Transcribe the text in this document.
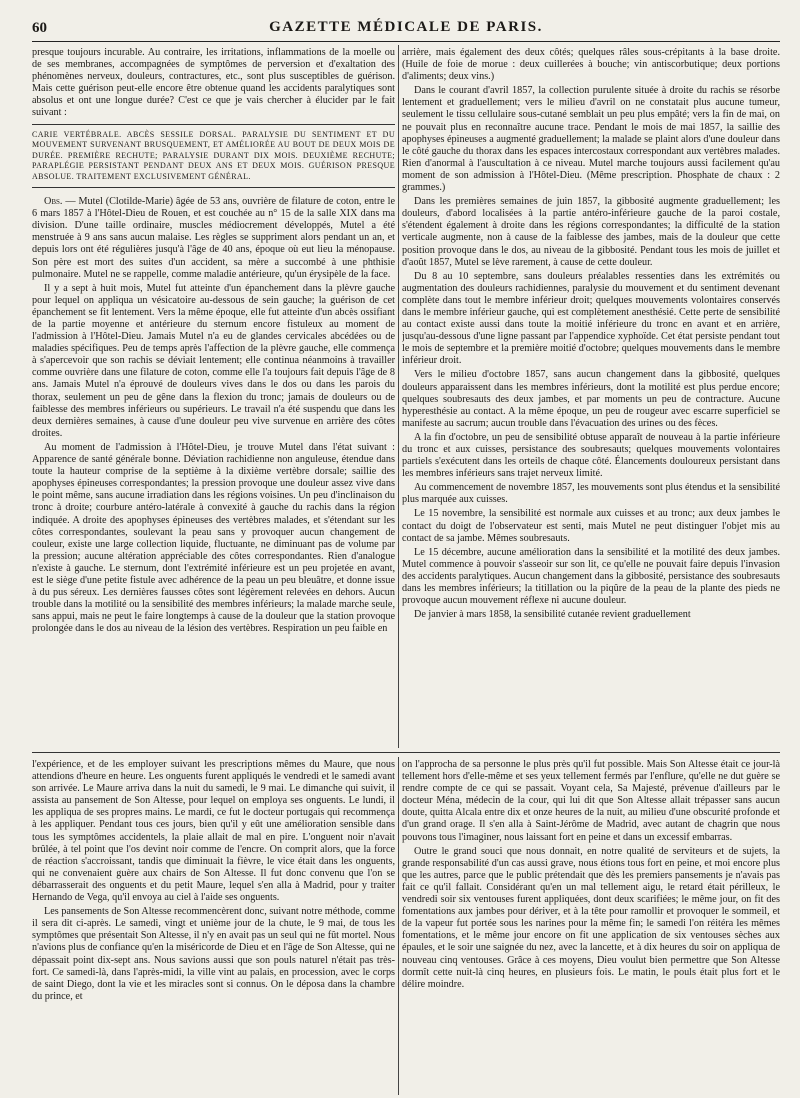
60	GAZETTE MÉDICALE DE PARIS.

presque toujours incurable. Au contraire, les irritations, inflammations de la moelle ou de ses membranes, accompagnées de symptômes de perversion et d'exaltation des phénomènes nerveux, douleurs, contractures, etc., sont plus susceptibles de guérison. Mais cette guérison peut-elle encore être obtenue quand les accidents paralytiques sont absolus et ont une longue durée? C'est ce que je vais chercher à élucider par le fait suivant :

CARIE VERTÉBRALE. ABCÈS SESSILE DORSAL. PARALYSIE DU SENTIMENT ET DU MOUVEMENT SURVENANT BRUSQUEMENT, ET AMÉLIORÉE AU BOUT DE DEUX MOIS DE DURÉE. PREMIÈRE RECHUTE; PARALYSIE DURANT DIX MOIS. DEUXIÈME RECHUTE; PARAPLÉGIE PERSISTANT PENDANT DEUX ANS ET DEUX MOIS. GUÉRISON PRESQUE ABSOLUE. TRAITEMENT EXCLUSIVEMENT GÉNÉRAL.

Obs. — Mutel (Clotilde-Marie) âgée de 53 ans, ouvrière de filature de coton, entre le 6 mars 1857 à l'Hôtel-Dieu de Rouen, et est couchée au n° 15 de la salle XIX dans ma division. D'une taille ordinaire, muscles médiocrement développés, Mutel a été menstruée à 9 ans sans aucun malaise. Les règles se suppriment alors pendant un an, et depuis lors ont été régulières jusqu'à l'âge de 40 ans, époque où eut lieu la ménopause. Son père est mort des suites d'un accident, sa mère a succombé à une phthisie pulmonaire. Mutel ne se rappelle, comme maladie antérieure, qu'un érysipèle de la face.

Il y a sept à huit mois, Mutel fut atteinte d'un épanchement dans la plèvre gauche pour lequel on appliqua un vésicatoire au-dessous de sein gauche; la guérison de cet épanchement se fit lentement. Vers la même époque, elle fut atteinte d'un abcès ossifiant de la partie moyenne et antérieure du sternum encore fistuleux au moment de l'admission à l'Hôtel-Dieu. Jamais Mutel n'a eu de glandes cervicales abcédées ou de maladies spécifiques. Peu de temps après l'affection de la plèvre gauche, elle commença à s'apercevoir que son rachis se déviait lentement; elle continua néanmoins à travailler comme ouvrière dans une filature de coton, comme elle l'a toujours fait depuis l'âge de 8 ans. Jamais Mutel n'a éprouvé de douleurs vives dans le dos ou dans les parois du thorax, seulement un peu de gêne dans la flexion du tronc; jamais de douleurs ou de faiblesse des membres inférieurs ou supérieurs. Le travail n'a été suspendu que dans les deux dernières semaines, à cause d'une douleur peu vive survenue en arrière des côtes droites.

Au moment de l'admission à l'Hôtel-Dieu, je trouve Mutel dans l'état suivant : Apparence de santé générale bonne. Déviation rachidienne non anguleuse, étendue dans toute la hauteur comprise de la septième à la dixième vertèbre dorsale; saillie des apophyses épineuses correspondantes; la pression provoque une douleur assez vive dans le point même, sans aucune irradiation dans les régions voisines. Un peu d'inclinaison du tronc à droite; courbure antéro-latérale à convexité à gauche du rachis dans la région indiquée. A droite des apophyses épineuses des vertèbres malades, et s'étendant sur les côtes correspondantes, soulevant la peau sans y provoquer aucun changement de couleur, existe une large collection liquide, fluctuante, ne diminuant pas de volume par la pression; aucune altération appréciable des côtes correspondantes. Rien d'analogue n'existe à gauche. Le sternum, dont l'extrémité inférieure est un peu projetée en avant, est le siège d'une petite fistule avec adhérence de la peau un peu bleuâtre, et donne issue à du pus séreux. Les dernières fausses côtes sont légèrement relevées en dehors. Aucun trouble dans la motilité ou la sensibilité des membres inférieurs; la malade marche seule, sans appui, mais ne peut le faire longtemps à cause de la douleur que la station provoque prolongée dans le dos au niveau de la lésion des vertèbres. Respiration un peu faible en

arrière, mais également des deux côtés; quelques râles sous-crépitants à la base droite. (Huile de foie de morue : deux cuillerées à bouche; vin antiscorbutique; deux portions d'aliments; deux vins.)

Dans le courant d'avril 1857, la collection purulente située à droite du rachis se résorbe lentement et graduellement; vers le milieu d'avril on ne constatait plus aucune tumeur, seulement le tissu cellulaire sous-cutané semblait un peu plus empâté; vers la fin de mai, on ne pouvait plus en reconnaître aucune trace. Pendant le mois de mai 1857, la saillie des apophyses épineuses a augmenté graduellement; la malade se plaint alors d'une douleur dans le côté gauche du thorax dans les espaces intercostaux correspondant aux vertèbres malades. Rien d'anormal à l'auscultation à ce niveau. Mutel marche toujours aussi facilement qu'au moment de son admission à l'Hôtel-Dieu. (Même prescription. Phosphate de chaux : 2 grammes.)

Dans les premières semaines de juin 1857, la gibbosité augmente graduellement; les douleurs, d'abord localisées à la partie antéro-inférieure gauche de la paroi costale, s'étendent également à droite dans les régions correspondantes; la difficulté de la station verticale augmente, non à cause de la faiblesse des jambes, mais de la douleur que cette position provoque dans le dos, au niveau de la gibbosité. Pendant tous les mois de juillet et d'août 1857, Mutel se lève rarement, à cause de cette douleur.

Du 8 au 10 septembre, sans douleurs préalables ressenties dans les extrémités ou augmentation des douleurs rachidiennes, paralysie du mouvement et du sentiment devenant complète dans tout le membre inférieur droit; quelques mouvements volontaires conservés dans le membre inférieur gauche, qui est complètement anesthésié. Cette perte de sensibilité au contact existe aussi dans toute la moitié inférieure du tronc en avant et en arrière, jusqu'au-dessous d'une ligne passant par l'appendice xyphoïde. Cet état persiste pendant tout le mois de septembre et la première moitié d'octobre; quelques mouvements dans le membre inférieur droit.

Vers le milieu d'octobre 1857, sans aucun changement dans la gibbosité, quelques douleurs apparaissent dans les membres inférieurs, dont la motilité est plus perdue encore; quelques soubresauts des deux jambes, et par moments un peu de contracture. Aucune hyperesthésie au contact. A la même époque, un peu de rougeur avec escarre superficiel se manifeste au sacrum; aucun trouble dans l'évacuation des urines ou des fèces.

A la fin d'octobre, un peu de sensibilité obtuse apparaît de nouveau à la partie inférieure du tronc et aux cuisses, persistance des soubresauts; quelques mouvements volontaires partiels s'exécutent dans les orteils de chaque côté. Élancements douloureux persistant dans les membres inférieurs sans trajet nerveux limité.

Au commencement de novembre 1857, les mouvements sont plus étendus et la sensibilité plus marquée aux cuisses.

Le 15 novembre, la sensibilité est normale aux cuisses et au tronc; aux deux jambes le contact du doigt de l'observateur est senti, mais Mutel ne peut distinguer l'objet mis au contact de sa jambe. Mêmes soubresauts.

Le 15 décembre, aucune amélioration dans la sensibilité et la motilité des deux jambes. Mutel commence à pouvoir s'asseoir sur son lit, ce qu'elle ne pouvait faire depuis l'invasion des accidents paralytiques. Aucun changement dans la gibbosité, persistance des soubresauts dans les membres inférieurs; la titillation ou la piqûre de la peau de la plante des pieds ne provoque aucun mouvement réflexe ni aucune douleur.

De janvier à mars 1858, la sensibilité cutanée revient graduellement

l'expérience, et de les employer suivant les prescriptions mêmes du Maure, que nous attendions d'heure en heure. Les onguents furent appliqués le vendredi et le samedi avant son arrivée. Le Maure arriva dans la nuit du samedi, le 9 mai. Le dimanche qui suivit, il assista au pansement de Son Altesse, pour lequel on employa ses onguents. Le lundi, il les appliqua de ses propres mains. Le mardi, ce fut le docteur portugais qui recommença à les appliquer. Pendant tous ces jours, bien qu'il y eût une amélioration sensible dans tous les symptômes accidentels, la plaie allait de mal en pire. L'onguent noir n'avait brûlée, à tel point que l'os devint noir comme de l'encre. On comprit alors, que la force de réaction s'accroissant, tandis que diminuait la fièvre, le vice était dans les onguents, qui ne convenaient guère aux chairs de Son Altesse. Il fut donc convenu que l'on se débarrasserait des onguents et du petit Maure, lequel s'en alla à Madrid, pour y traiter Hernando de Vega, qu'il envoya au ciel à l'aide ses onguents.

Les pansements de Son Altesse recommencèrent donc, suivant notre méthode, comme il sera dit ci-après. Le samedi, vingt et unième jour de la chute, le 9 mai, de tous les symptômes que présentait Son Altesse, il n'y en avait pas un seul qui ne fût mortel. Nous n'avions plus de confiance qu'en la miséricorde de Dieu et en l'âge de Son Altesse, qui ne dépassait point dix-sept ans. Nous savions aussi que son pouls naturel n'était pas très-fort. Ce samedi-là, dans l'après-midi, la ville vint au palais, en procession, avec le corps de saint Diego, dont la vie et les miracles sont si connus. On le déposa dans la chambre du prince, et

on l'approcha de sa personne le plus près qu'il fut possible. Mais Son Altesse était ce jour-là tellement hors d'elle-même et ses yeux tellement fermés par l'enflure, qu'elle ne dut guère se rendre compte de ce qui se passait. Voyant cela, Sa Majesté, prévenue d'ailleurs par le docteur Ména, médecin de la cour, qui lui dit que Son Altesse allait trépasser sans aucun doute, quitta Alcala entre dix et onze heures de la nuit, au milieu d'une obscurité profonde et d'un grand orage. Il s'en alla à Saint-Jérôme de Madrid, avec autant de chagrin que nous pouvons tous l'imaginer, nous laissant fort en peine et dans un excessif embarras.

Outre le grand souci que nous donnait, en notre qualité de serviteurs et de sujets, la grande responsabilité d'un cas aussi grave, nous étions tous fort en peine, et moi encore plus que les autres, parce que le public prétendait que dès les premiers pansements je n'avais pas fait ce qu'il fallait. Considérant qu'en un mal tellement aigu, le retard était périlleux, le vendredi soir six ventouses furent appliquées, dont deux scarifiées; le même jour, on fit des fomentations aux jambes pour dériver, et à la tête pour ramollir et provoquer le sommeil, et de la vapeur fut portée sous les narines pour la même fin; le samedi l'on réitéra les mêmes fomentations, et le même jour encore on fit une application de six ventouses sèches aux épaules, et le soir une saignée du nez, avec la lancette, et à dix heures du soir on appliqua de nouveau cinq ventouses. Grâce à ces moyens, Dieu voulut bien permettre que Son Altesse dormît cette nuit-là cinq heures, en plusieurs fois. Le matin, le pouls était plus fort et le délire moindre.
